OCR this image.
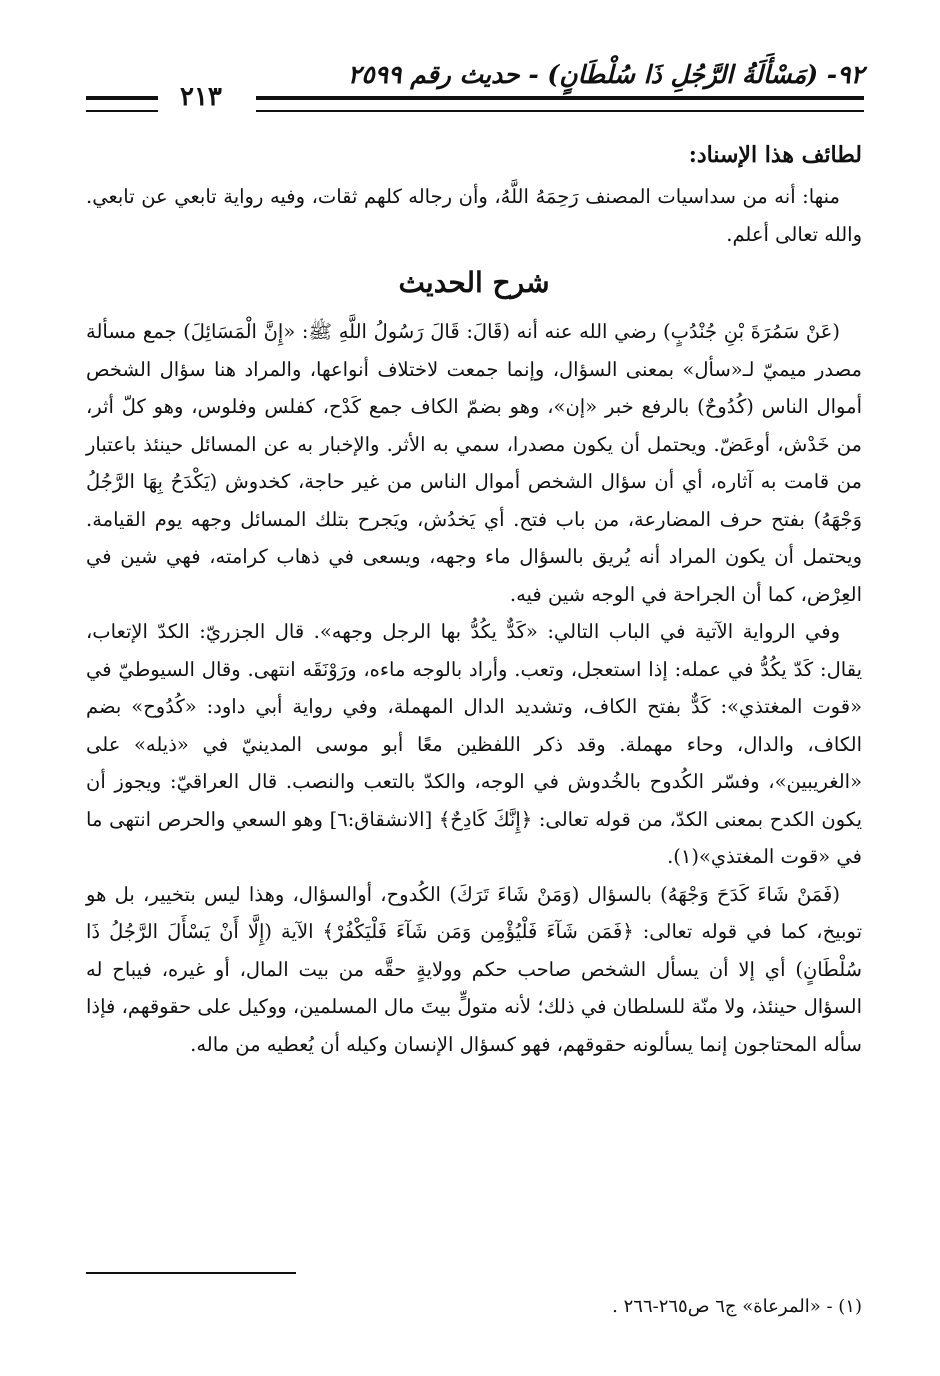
٩٢- (مَسْأَلَةُ الرَّجُلِ ذَا سُلْطَانٍ) - حديث رقم ٢٥٩٩
٢١٣

لطائف هذا الإسناد:

منها: أنه من سداسيات المصنف رَحِمَهُ اللَّهُ، وأن رجاله كلهم ثقات، وفيه رواية تابعي عن تابعي. والله تعالى أعلم.

شرح الحديث

(عَنْ سَمُرَةَ بْنِ جُنْدُبٍ) رضي الله عنه أنه (قَالَ: قَالَ رَسُولُ اللَّهِ ﷺ: «إِنَّ الْمَسَائِلَ) جمع مسألة مصدر ميميّ لـ«سأل» بمعنى السؤال، وإنما جمعت لاختلاف أنواعها، والمراد هنا سؤال الشخص أموال الناس (كُدُوحٌ) بالرفع خبر «إن»، وهو بضمّ الكاف جمع كَدْح، كفلس وفلوس، وهو كلّ أثر، من خَدْش، أوعَضّ. ويحتمل أن يكون مصدرا، سمي به الأثر. والإخبار به عن المسائل حينئذ باعتبار من قامت به آثاره، أي أن سؤال الشخص أموال الناس من غير حاجة، كخدوش (يَكْدَحُ بِهَا الرَّجُلُ وَجْهَهُ) بفتح حرف المضارعة، من باب فتح. أي يَخدُش، ويَجرح بتلك المسائل وجهه يوم القيامة. ويحتمل أن يكون المراد أنه يُريق بالسؤال ماء وجهه، ويسعى في ذهاب كرامته، فهي شين في العِرْض، كما أن الجراحة في الوجه شين فيه.

وفي الرواية الآتية في الباب التالي: «كَدٌّ يكُدُّ بها الرجل وجهه». قال الجزريّ: الكدّ الإتعاب، يقال: كَدّ يكُدُّ في عمله: إذا استعجل، وتعب. وأراد بالوجه ماءه، ورَوْنَقَه انتهى. وقال السيوطيّ في «قوت المغتذي»: كَدٌّ بفتح الكاف، وتشديد الدال المهملة، وفي رواية أبي داود: «كُدُوح» بضم الكاف، والدال، وحاء مهملة. وقد ذكر اللفظين معًا أبو موسى المدينيّ في «ذيله» على «الغريبين»، وفسّر الكُدوح بالخُدوش في الوجه، والكدّ بالتعب والنصب. قال العراقيّ: ويجوز أن يكون الكدح بمعنى الكدّ، من قوله تعالى: ﴿إِنَّكَ كَادِحٌ﴾ [الانشقاق:٦] وهو السعي والحرص انتهى ما في «قوت المغتذي»(١).

(فَمَنْ شَاءَ كَدَحَ وَجْهَهُ) بالسؤال (وَمَنْ شَاءَ تَرَكَ) الكُدوح، أوالسؤال، وهذا ليس بتخيير، بل هو توبيخ، كما في قوله تعالى: ﴿فَمَن شَآءَ فَلْيُؤْمِن وَمَن شَآءَ فَلْيَكْفُرْ﴾ الآية (إِلَّا أَنْ يَسْأَلَ الرَّجُلُ ذَا سُلْطَانٍ) أي إلا أن يسأل الشخص صاحب حكم وولايةٍ حقَّه من بيت المال، أو غيره، فيباح له السؤال حينئذ، ولا منّة للسلطان في ذلك؛ لأنه متولٍّ بيتَ مال المسلمين، ووكيل على حقوقهم، فإذا سأله المحتاجون إنما يسألونه حقوقهم، فهو كسؤال الإنسان وكيله أن يُعطيه من ماله.

(١) - «المرعاة» ج٦ ص٢٦٥-٢٦٦ .
